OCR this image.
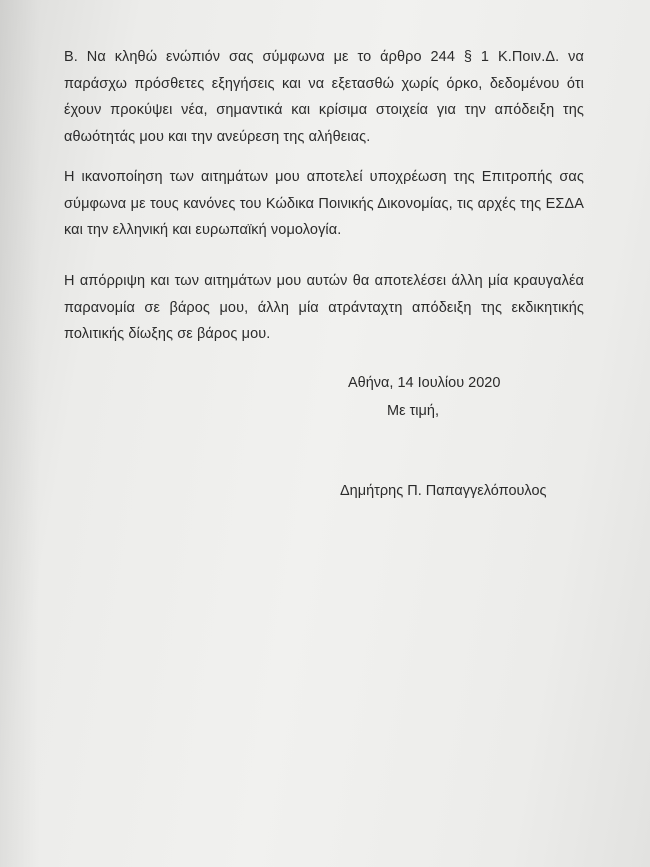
Β. Να κληθώ ενώπιόν σας σύμφωνα με το άρθρο 244 § 1 Κ.Ποιν.Δ. να
παράσχω πρόσθετες εξηγήσεις και να εξετασθώ χωρίς όρκο, δεδομένου ότι
έχουν προκύψει νέα, σημαντικά και κρίσιμα στοιχεία για την απόδειξη της
αθωότητάς μου και την ανεύρεση της αλήθειας.

Η ικανοποίηση των αιτημάτων μου αποτελεί υποχρέωση της Επιτροπής σας
σύμφωνα με τους κανόνες του Κώδικα Ποινικής Δικονομίας, τις αρχές της ΕΣΔΑ
και την ελληνική και ευρωπαϊκή νομολογία.

Η απόρριψη και των αιτημάτων μου αυτών θα αποτελέσει άλλη μία κραυγαλέα
παρανομία σε βάρος μου, άλλη μία ατράνταχτη απόδειξη της εκδικητικής
πολιτικής δίωξης σε βάρος μου.

Αθήνα, 14 Ιουλίου 2020
Με τιμή,
Δημήτρης Π. Παπαγγελόπουλος
